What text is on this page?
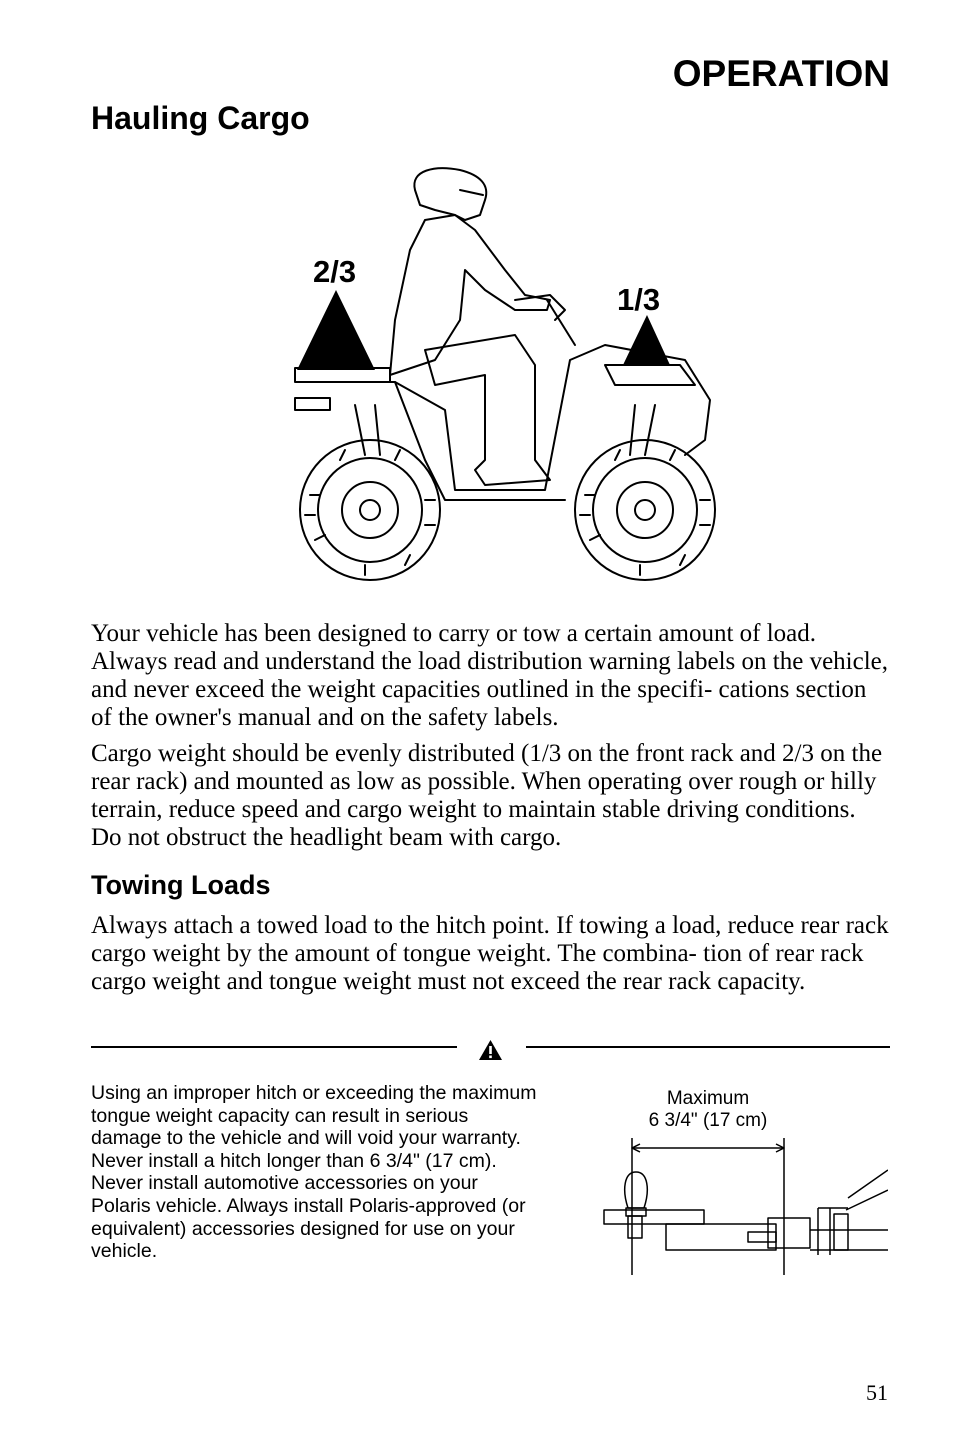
OPERATION
Hauling Cargo
2/3
1/3
Your vehicle has been designed to carry or tow a certain amount of load. Always read and understand the load distribution warning labels on the vehicle, and never exceed the weight capacities outlined in the specifi- cations section of the owner's manual and on the safety labels.
Cargo weight should be evenly distributed (1/3 on the front rack and 2/3 on the rear rack) and mounted as low as possible. When operating over rough or hilly terrain, reduce speed and cargo weight to maintain stable driving conditions. Do not obstruct the headlight beam with cargo.
Towing Loads
Always attach a towed load to the hitch point. If towing a load, reduce rear rack cargo weight by the amount of tongue weight. The combina- tion of rear rack cargo weight and tongue weight must not exceed the rear rack capacity.
Using an improper hitch or exceeding the maximum tongue weight capacity can result in serious damage to the vehicle and will void your warranty. Never install a hitch longer than 6 3/4" (17 cm). Never install automotive accessories on your Polaris vehicle. Always install Polaris-approved (or equivalent) accessories designed for use on your vehicle.
Maximum
6 3/4" (17 cm)
51
